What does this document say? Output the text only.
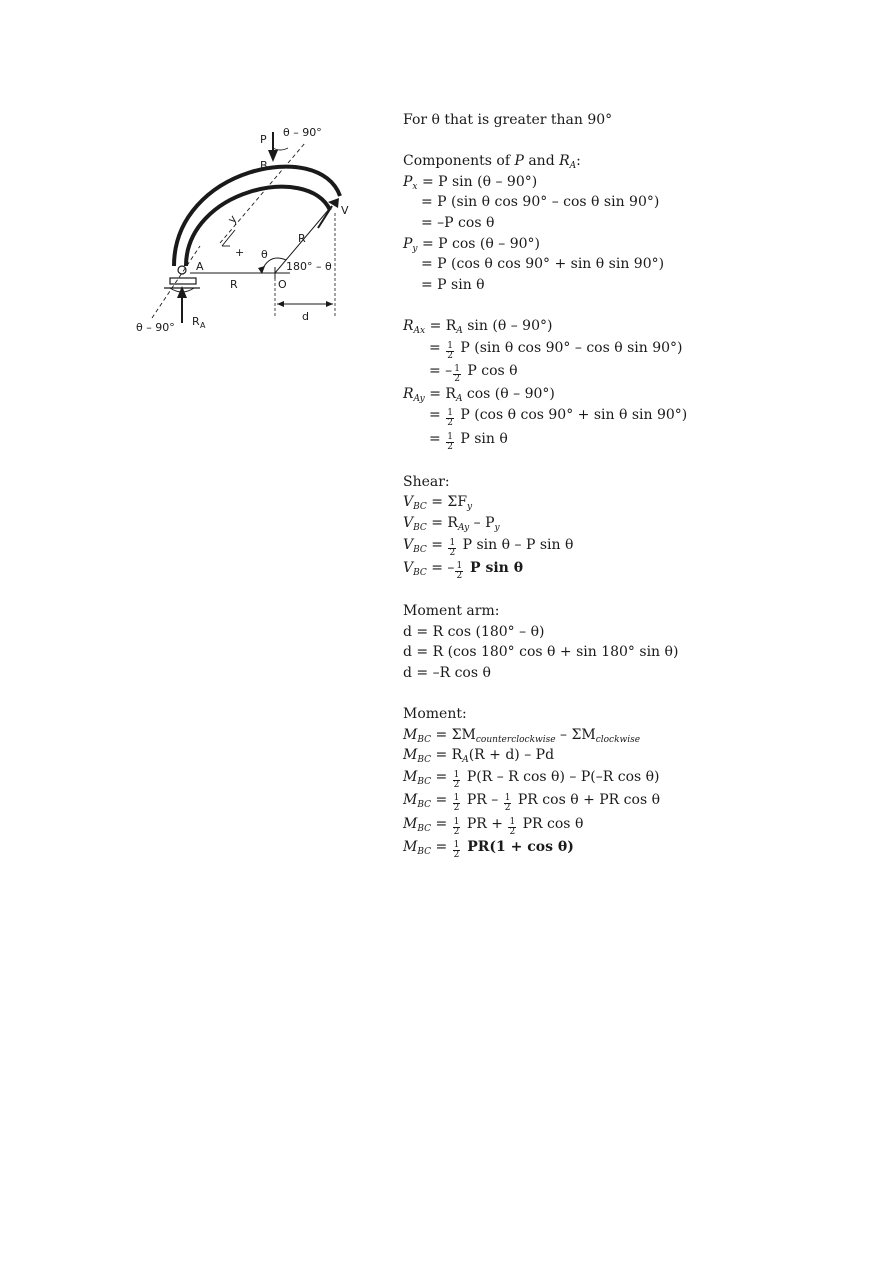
P
θ – 90°
B
V
y
+ θ
R
180° – θ
A
R	O
d
R A
θ – 90°
For θ that is greater than 90°
Components of P and $R_A$:
$P_x = P$ sin (θ – 90°)
= P (sin θ cos 90° – cos θ sin 90°)
= –P cos θ
$P_y = P$ cos (θ – 90°)
= P (cos θ cos 90° + sin θ sin 90°)
= P sin θ
$R_{Ax} = R_A$ sin (θ – 90°)
= $\frac{1}{2}$ P (sin θ cos 90° – cos θ sin 90°)
= – $\frac{1}{2}$ P cos θ
$R_{Ay} = R_A$ cos (θ – 90°)
= $\frac{1}{2}$ P (cos θ cos 90° + sin θ sin 90°)
= $\frac{1}{2}$ P sin θ
Shear:
$V_{BC} = \Sigma F_y$
$V_{BC} = R_{Ay} - P_y$
$V_{BC} = \frac{1}{2}$ P sin θ – P sin θ
$V_{BC}$ = – $\frac{1}{2}$ P sin θ
Moment arm:
d = R cos (180° – θ)
d = R (cos 180° cos θ + sin 180° sin θ)
d = –R cos θ
Moment:
$M_{BC} = \Sigma M_{counterclockwise} - \Sigma M_{clockwise}$
$M_{BC} = R_A(R + d) - Pd$
$M_{BC} = \frac{1}{2} P(R - R$ cos θ) – P(–R cos θ)
$M_{BC} = \frac{1}{2}$ PR – $\frac{1}{2}$ PR cos θ + PR cos θ
$M_{BC} = \frac{1}{2}$ PR + $\frac{1}{2}$ PR cos θ
$M_{BC} = \frac{1}{2} PR(1 + \cos \theta)$
